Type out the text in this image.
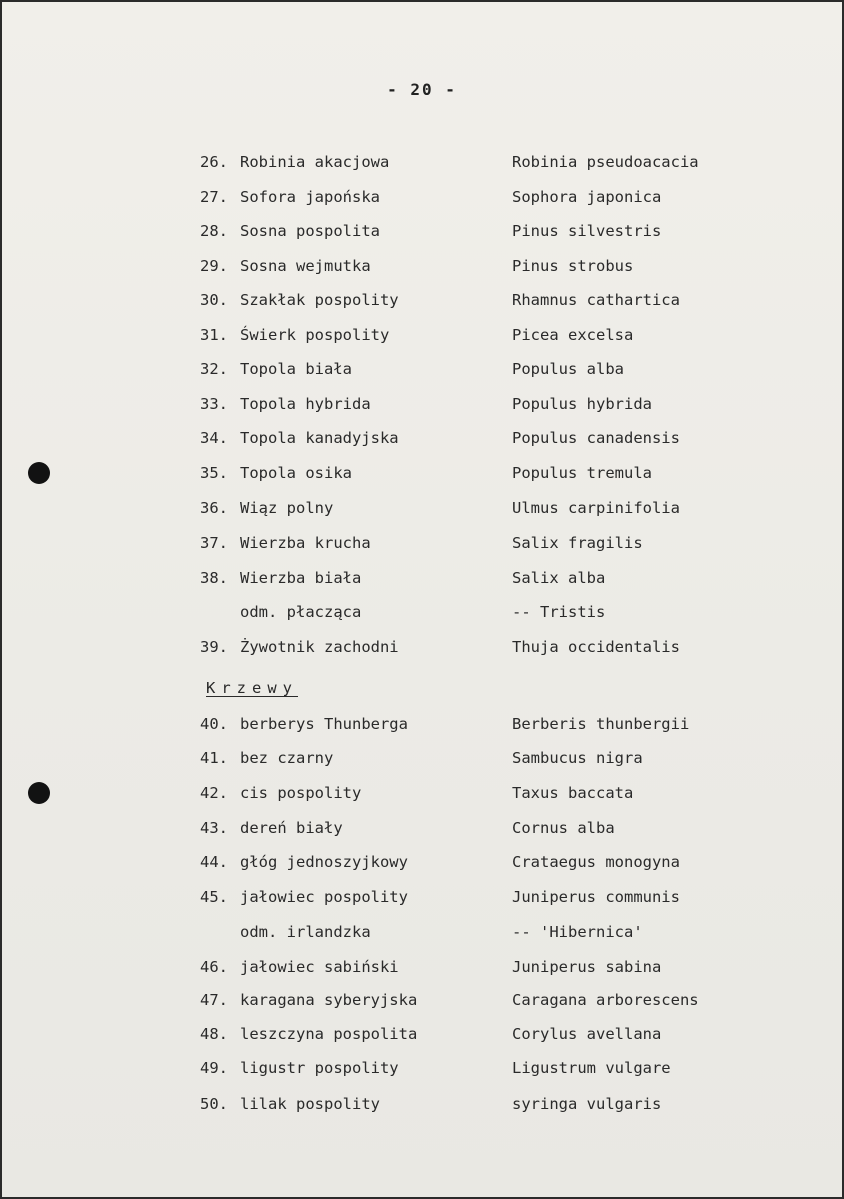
- 20 -
26. Robinia akacjowa	Robinia pseudoacacia
27. Sofora japońska	Sophora japonica
28. Sosna pospolita	Pinus silvestris
29. Sosna wejmutka	Pinus strobus
30. Szakłak pospolity	Rhamnus cathartica
31. Świerk pospolity	Picea excelsa
32. Topola biała	Populus alba
33. Topola hybrida	Populus hybrida
34. Topola kanadyjska	Populus canadensis
35. Topola osika	Populus tremula
36. Wiąz polny	Ulmus carpinifolia
37. Wierzba krucha	Salix fragilis
38. Wierzba biała	Salix alba
odm. płacząca	-- Tristis
39. Żywotnik zachodni	Thuja occidentalis
Krzewy
40. berberys Thunberga	Berberis thunbergii
41. bez czarny	Sambucus nigra
42. cis pospolity	Taxus baccata
43. dereń biały	Cornus alba
44. głóg jednoszyjkowy	Crataegus monogyna
45. jałowiec pospolity	Juniperus communis
odm. irlandzka	-- 'Hibernica'
46. jałowiec sabiński	Juniperus sabina
47. karagana syberyjska	Caragana arborescens
48. leszczyna pospolita	Corylus avellana
49. ligustr pospolity	Ligustrum vulgare
50. lilak pospolity	syringa vulgaris
